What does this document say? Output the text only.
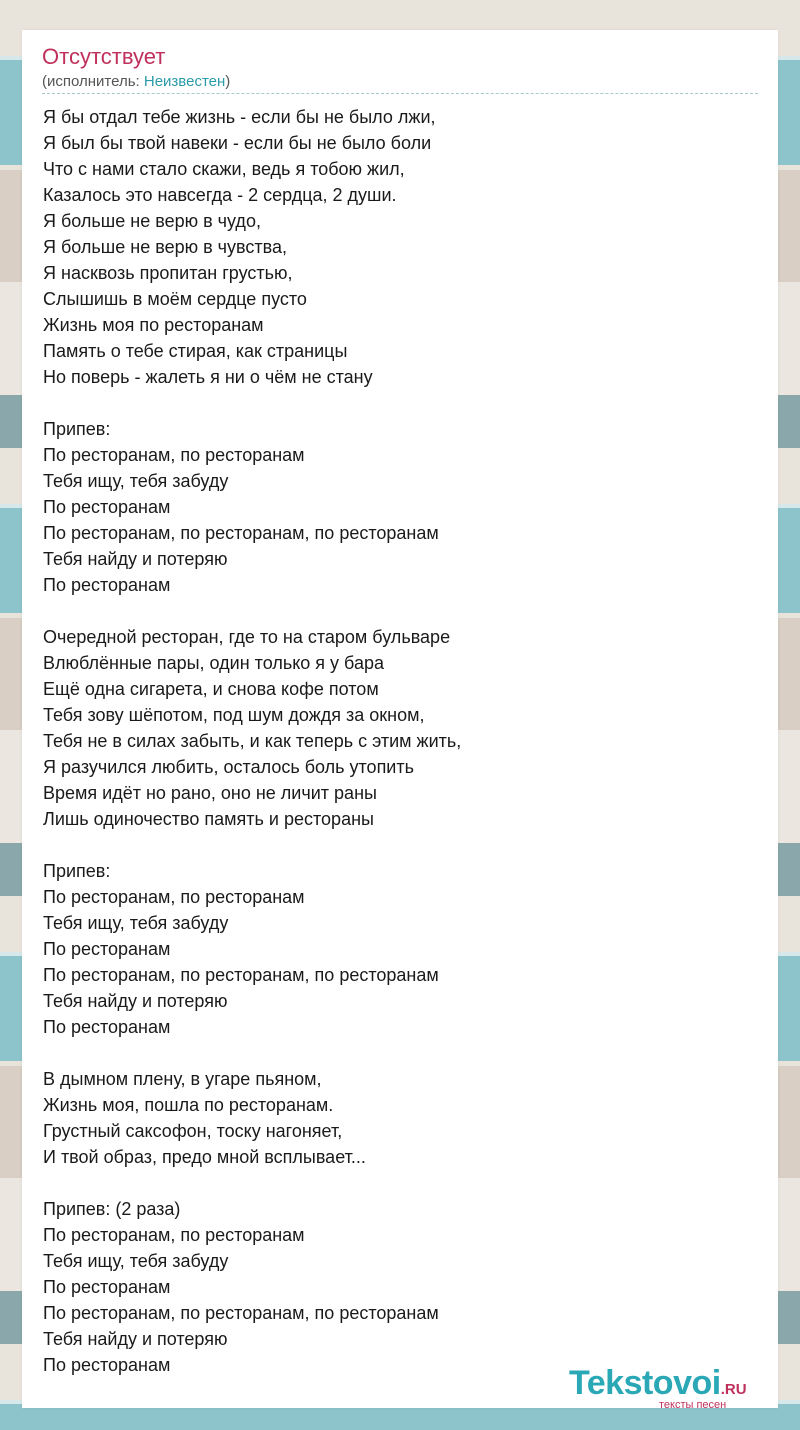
Отсутствует
(исполнитель: Неизвестен)
Я бы отдал тебе жизнь - если бы не было лжи,
Я был бы твой навеки - если бы не было боли
Что с нами стало скажи, ведь я тобою жил,
Казалось это навсегда - 2 сердца, 2 души.
Я больше не верю в чудо,
Я больше не верю в чувства,
Я насквозь пропитан грустью,
Слышишь в моём сердце пусто
Жизнь моя по ресторанам
Память о тебе стирая, как страницы
Но поверь - жалеть я ни о чём не стану
Припев:
По ресторанам, по ресторанам
Тебя ищу, тебя забуду
По ресторанам
По ресторанам, по ресторанам, по ресторанам
Тебя найду и потеряю
По ресторанам
Очередной ресторан, где то на старом бульваре
Влюблённые пары, один только я у бара
Ещё одна сигарета, и снова кофе потом
Тебя зову шёпотом, под шум дождя за окном,
Тебя не в силах забыть, и как теперь с этим жить,
Я разучился любить, осталось боль утопить
Время идёт но рано, оно не личит раны
Лишь одиночество память и рестораны
Припев:
По ресторанам, по ресторанам
Тебя ищу, тебя забуду
По ресторанам
По ресторанам, по ресторанам, по ресторанам
Тебя найду и потеряю
По ресторанам
В дымном плену, в угаре пьяном,
Жизнь моя, пошла по ресторанам.
Грустный саксофон, тоску нагоняет,
И твой образ, предо мной всплывает...
Припев: (2 раза)
По ресторанам, по ресторанам
Тебя ищу, тебя забуду
По ресторанам
По ресторанам, по ресторанам, по ресторанам
Тебя найду и потеряю
По ресторанам	Tekstovoi.RU
тексты песен
